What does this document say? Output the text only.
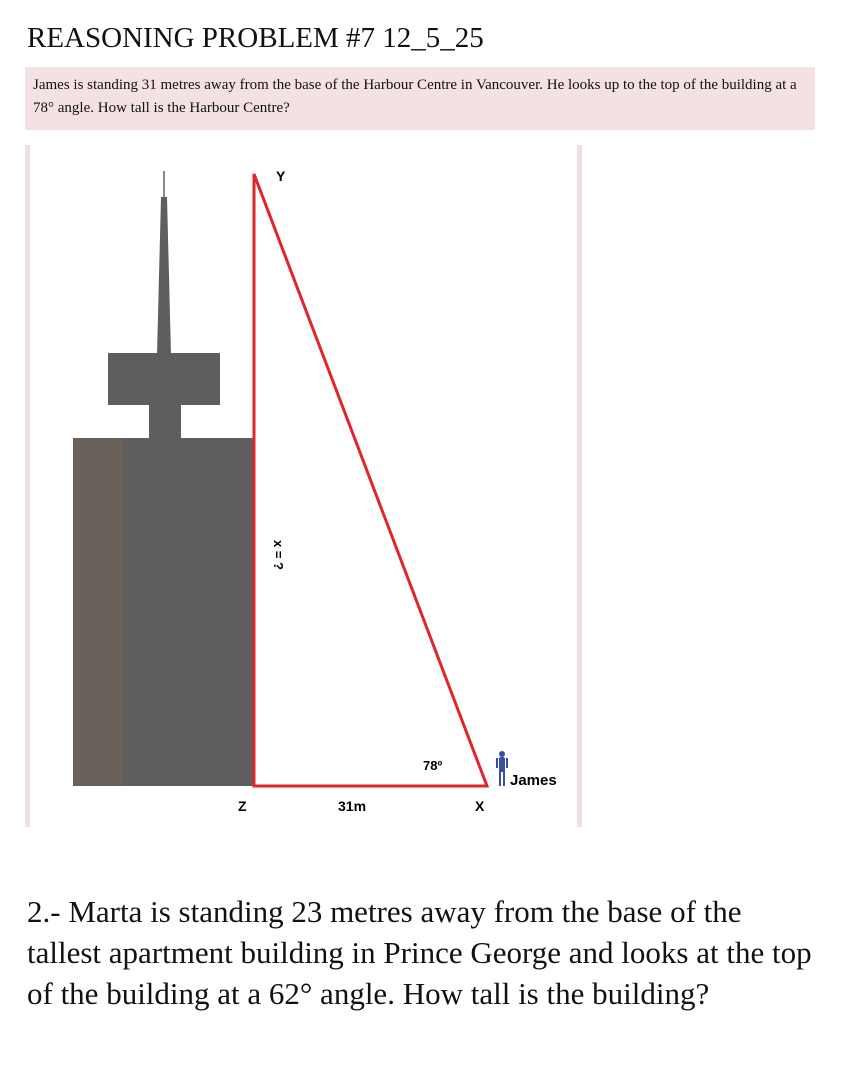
REASONING PROBLEM #7 12_5_25
James is standing 31 metres away from the base of the Harbour Centre in Vancouver. He looks up to the top of the building at a 78° angle. How tall is the Harbour Centre?
Y
Z	X
31m
78º
x = ?
James
2.- Marta is standing 23 metres away from the base of the tallest apartment building in Prince George and looks at the top of the building at a 62° angle. How tall is the building?
